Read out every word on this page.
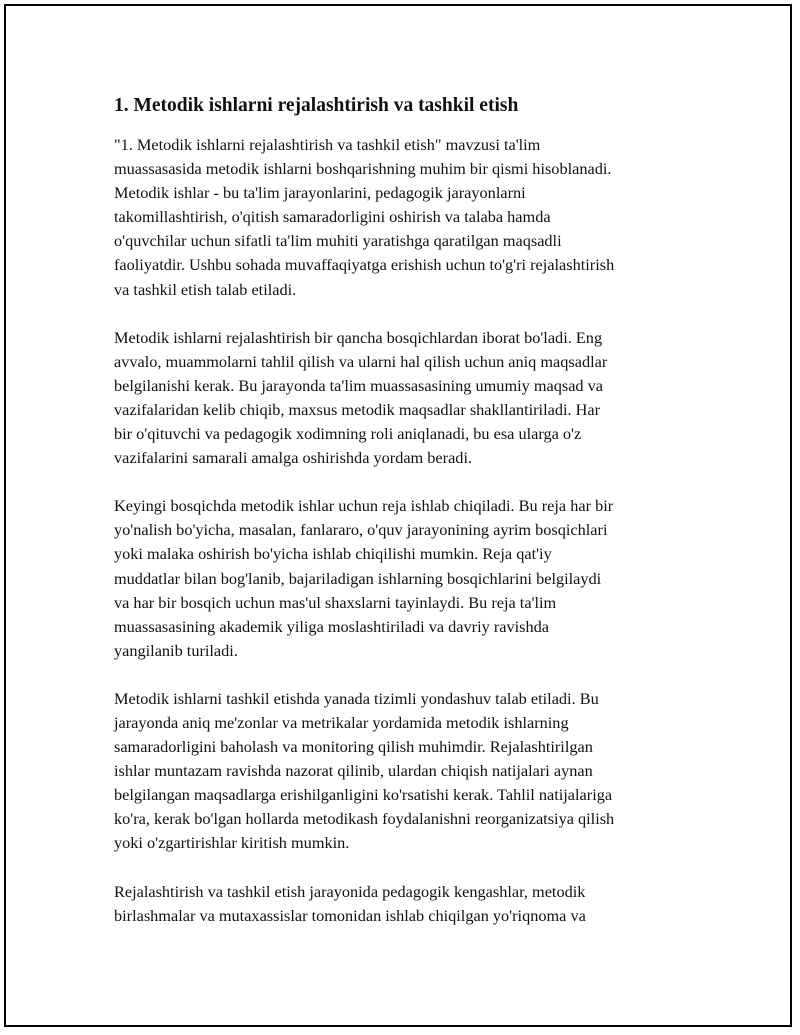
1. Metodik ishlarni rejalashtirish va tashkil etish

"1. Metodik ishlarni rejalashtirish va tashkil etish" mavzusi ta'lim
muassasasida metodik ishlarni boshqarishning muhim bir qismi hisoblanadi.
Metodik ishlar - bu ta'lim jarayonlarini, pedagogik jarayonlarni
takomillashtirish, o'qitish samaradorligini oshirish va talaba hamda
o'quvchilar uchun sifatli ta'lim muhiti yaratishga qaratilgan maqsadli
faoliyatdir. Ushbu sohada muvaffaqiyatga erishish uchun to'g'ri rejalashtirish
va tashkil etish talab etiladi.

Metodik ishlarni rejalashtirish bir qancha bosqichlardan iborat bo'ladi. Eng
avvalo, muammolarni tahlil qilish va ularni hal qilish uchun aniq maqsadlar
belgilanishi kerak. Bu jarayonda ta'lim muassasasining umumiy maqsad va
vazifalaridan kelib chiqib, maxsus metodik maqsadlar shakllantiriladi. Har
bir o'qituvchi va pedagogik xodimning roli aniqlanadi, bu esa ularga o'z
vazifalarini samarali amalga oshirishda yordam beradi.

Keyingi bosqichda metodik ishlar uchun reja ishlab chiqiladi. Bu reja har bir
yo'nalish bo'yicha, masalan, fanlararo, o'quv jarayonining ayrim bosqichlari
yoki malaka oshirish bo'yicha ishlab chiqilishi mumkin. Reja qat'iy
muddatlar bilan bog'lanib, bajariladigan ishlarning bosqichlarini belgilaydi
va har bir bosqich uchun mas'ul shaxslarni tayinlaydi. Bu reja ta'lim
muassasasining akademik yiliga moslashtiriladi va davriy ravishda
yangilanib turiladi.

Metodik ishlarni tashkil etishda yanada tizimli yondashuv talab etiladi. Bu
jarayonda aniq me'zonlar va metrikalar yordamida metodik ishlarning
samaradorligini baholash va monitoring qilish muhimdir. Rejalashtirilgan
ishlar muntazam ravishda nazorat qilinib, ulardan chiqish natijalari aynan
belgilangan maqsadlarga erishilganligini ko'rsatishi kerak. Tahlil natijalariga
ko'ra, kerak bo'lgan hollarda metodikash foydalanishni reorganizatsiya qilish
yoki o'zgartirishlar kiritish mumkin.

Rejalashtirish va tashkil etish jarayonida pedagogik kengashlar, metodik
birlashmalar va mutaxassislar tomonidan ishlab chiqilgan yo'riqnoma va
